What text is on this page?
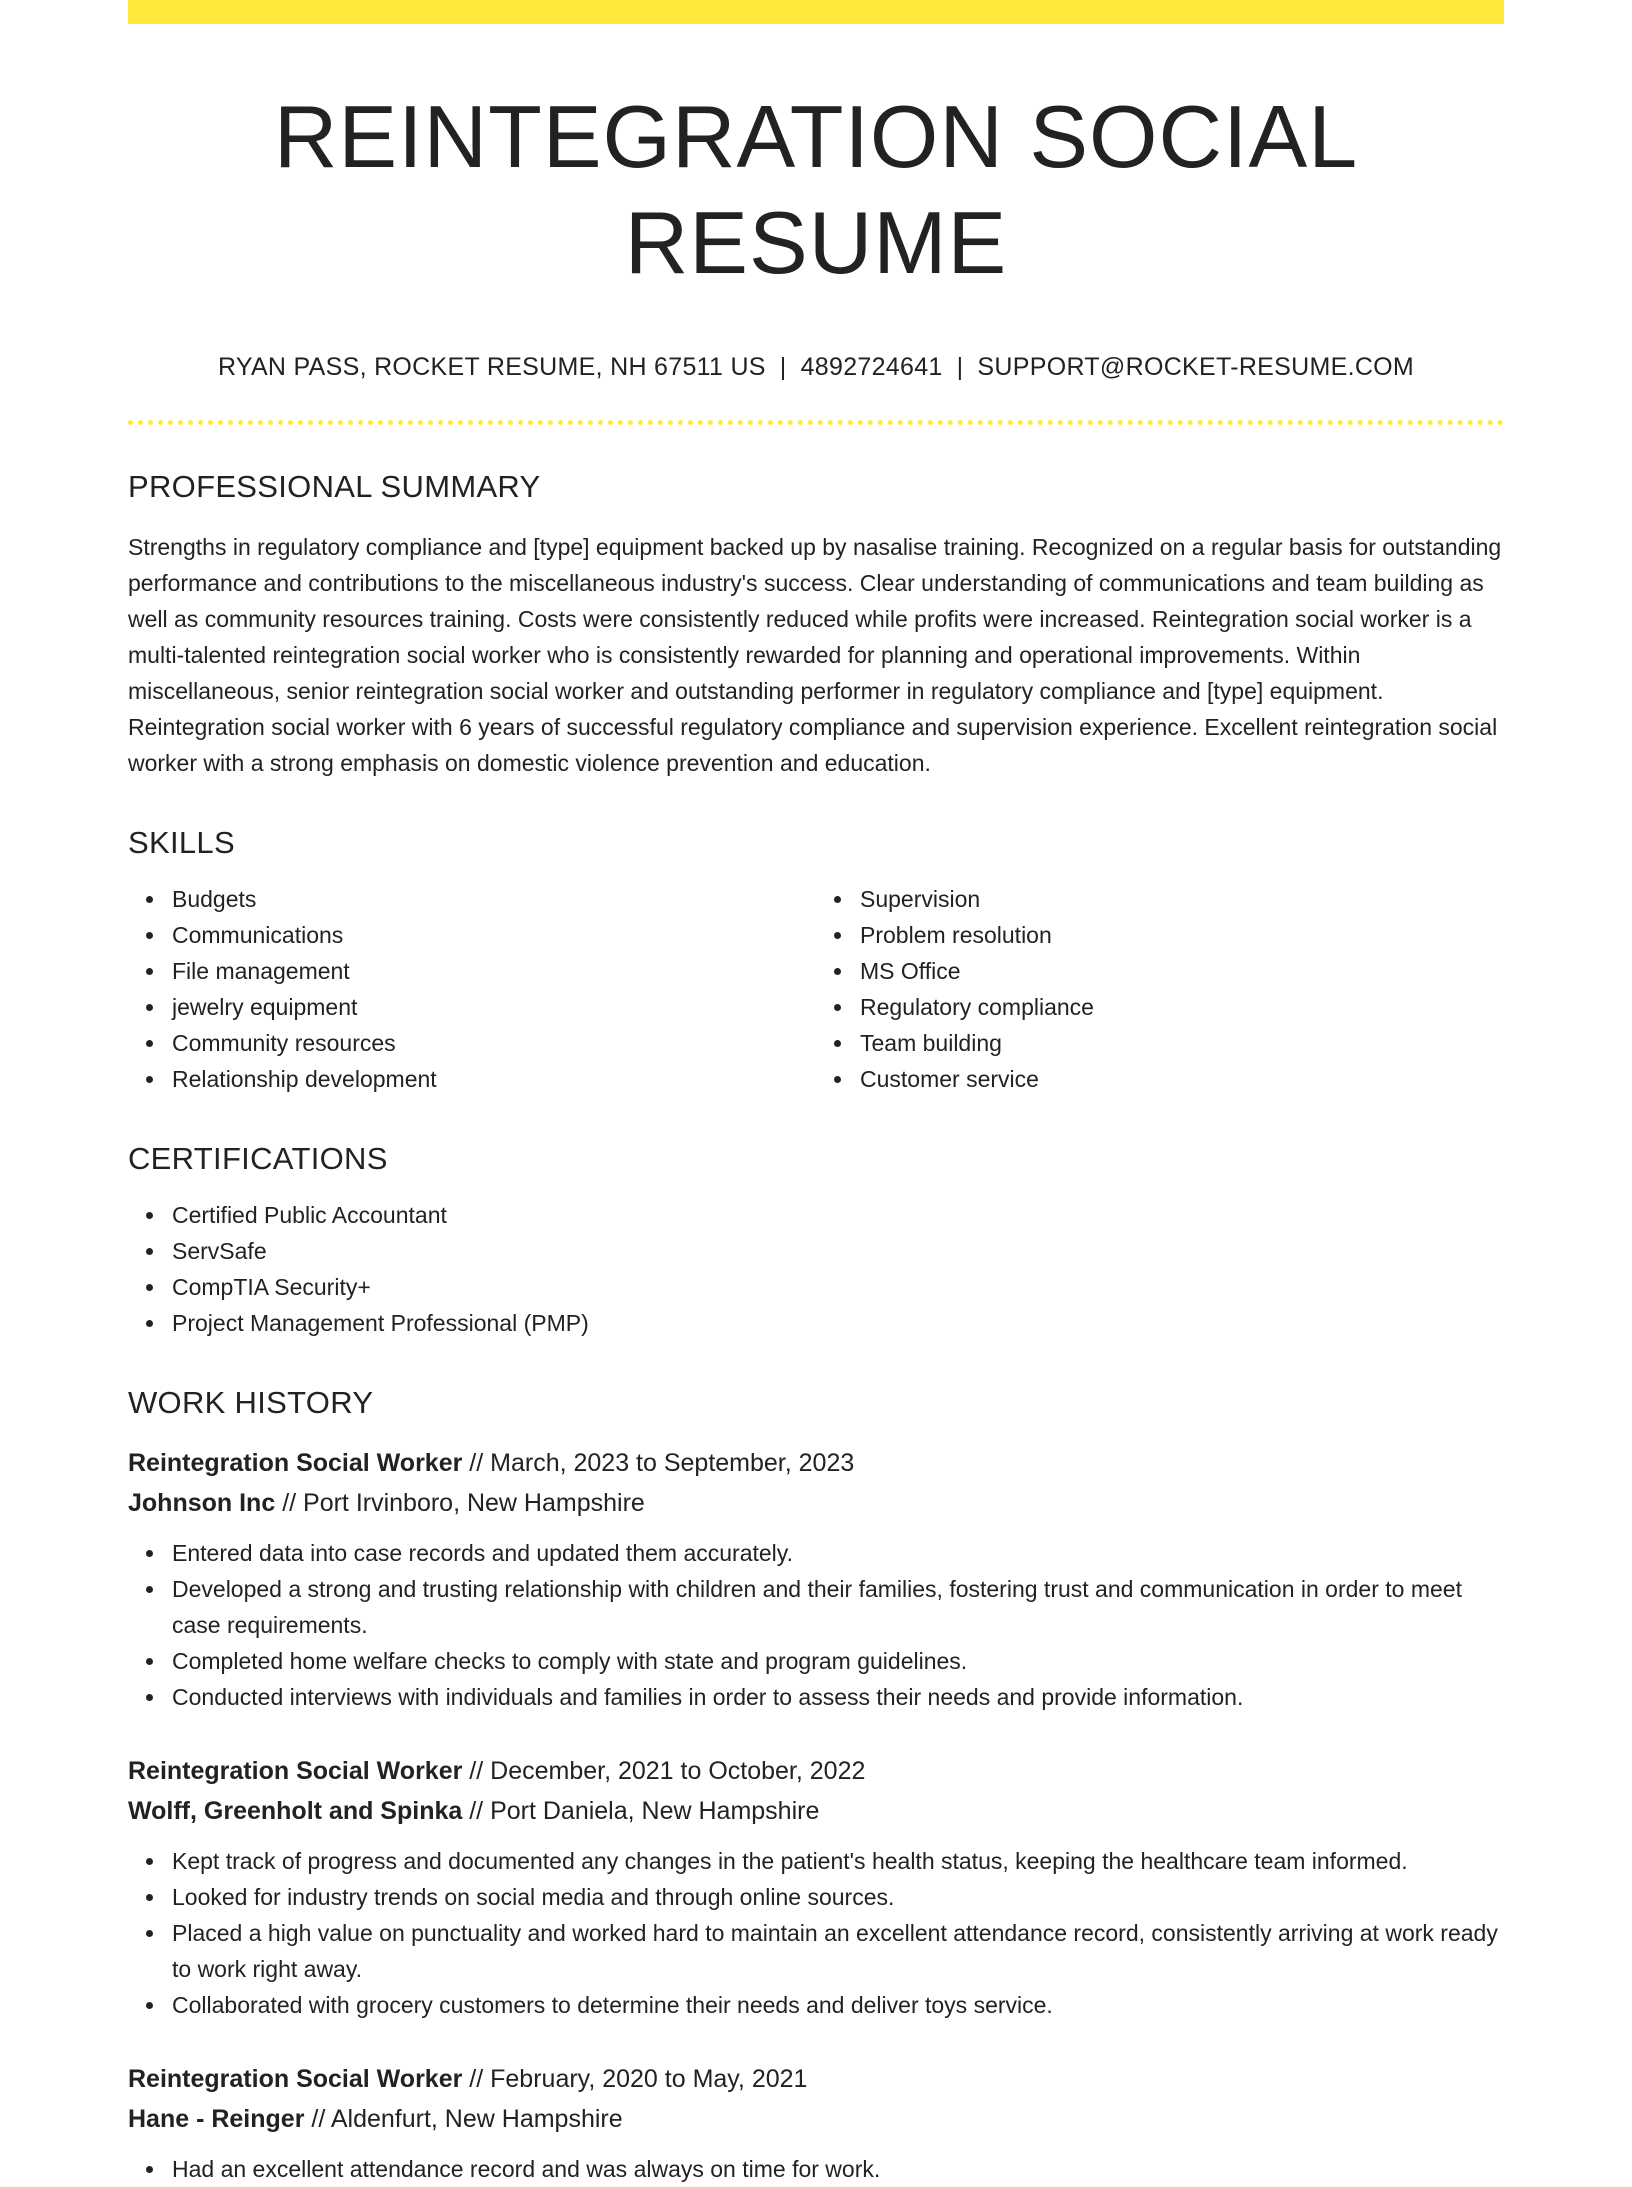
REINTEGRATION SOCIAL RESUME
RYAN PASS, ROCKET RESUME, NH 67511 US | 4892724641 | SUPPORT@ROCKET-RESUME.COM
PROFESSIONAL SUMMARY

Strengths in regulatory compliance and [type] equipment backed up by nasalise training. Recognized on a regular basis for outstanding performance and contributions to the miscellaneous industry's success. Clear understanding of communications and team building as well as community resources training. Costs were consistently reduced while profits were increased. Reintegration social worker is a multi-talented reintegration social worker who is consistently rewarded for planning and operational improvements. Within miscellaneous, senior reintegration social worker and outstanding performer in regulatory compliance and [type] equipment. Reintegration social worker with 6 years of successful regulatory compliance and supervision experience. Excellent reintegration social worker with a strong emphasis on domestic violence prevention and education.

SKILLS
Budgets
Communications
File management
jewelry equipment
Community resources
Relationship development
Supervision
Problem resolution
MS Office
Regulatory compliance
Team building
Customer service
CERTIFICATIONS
Certified Public Accountant
ServSafe
CompTIA Security+
Project Management Professional (PMP)
WORK HISTORY
Reintegration Social Worker // March, 2023 to September, 2023
Johnson Inc // Port Irvinboro, New Hampshire
Entered data into case records and updated them accurately.
Developed a strong and trusting relationship with children and their families, fostering trust and communication in order to meet case requirements.
Completed home welfare checks to comply with state and program guidelines.
Conducted interviews with individuals and families in order to assess their needs and provide information.
Reintegration Social Worker // December, 2021 to October, 2022
Wolff, Greenholt and Spinka // Port Daniela, New Hampshire
Kept track of progress and documented any changes in the patient's health status, keeping the healthcare team informed.
Looked for industry trends on social media and through online sources.
Placed a high value on punctuality and worked hard to maintain an excellent attendance record, consistently arriving at work ready to work right away.
Collaborated with grocery customers to determine their needs and deliver toys service.
Reintegration Social Worker // February, 2020 to May, 2021
Hane - Reinger // Aldenfurt, New Hampshire
Had an excellent attendance record and was always on time for work.
